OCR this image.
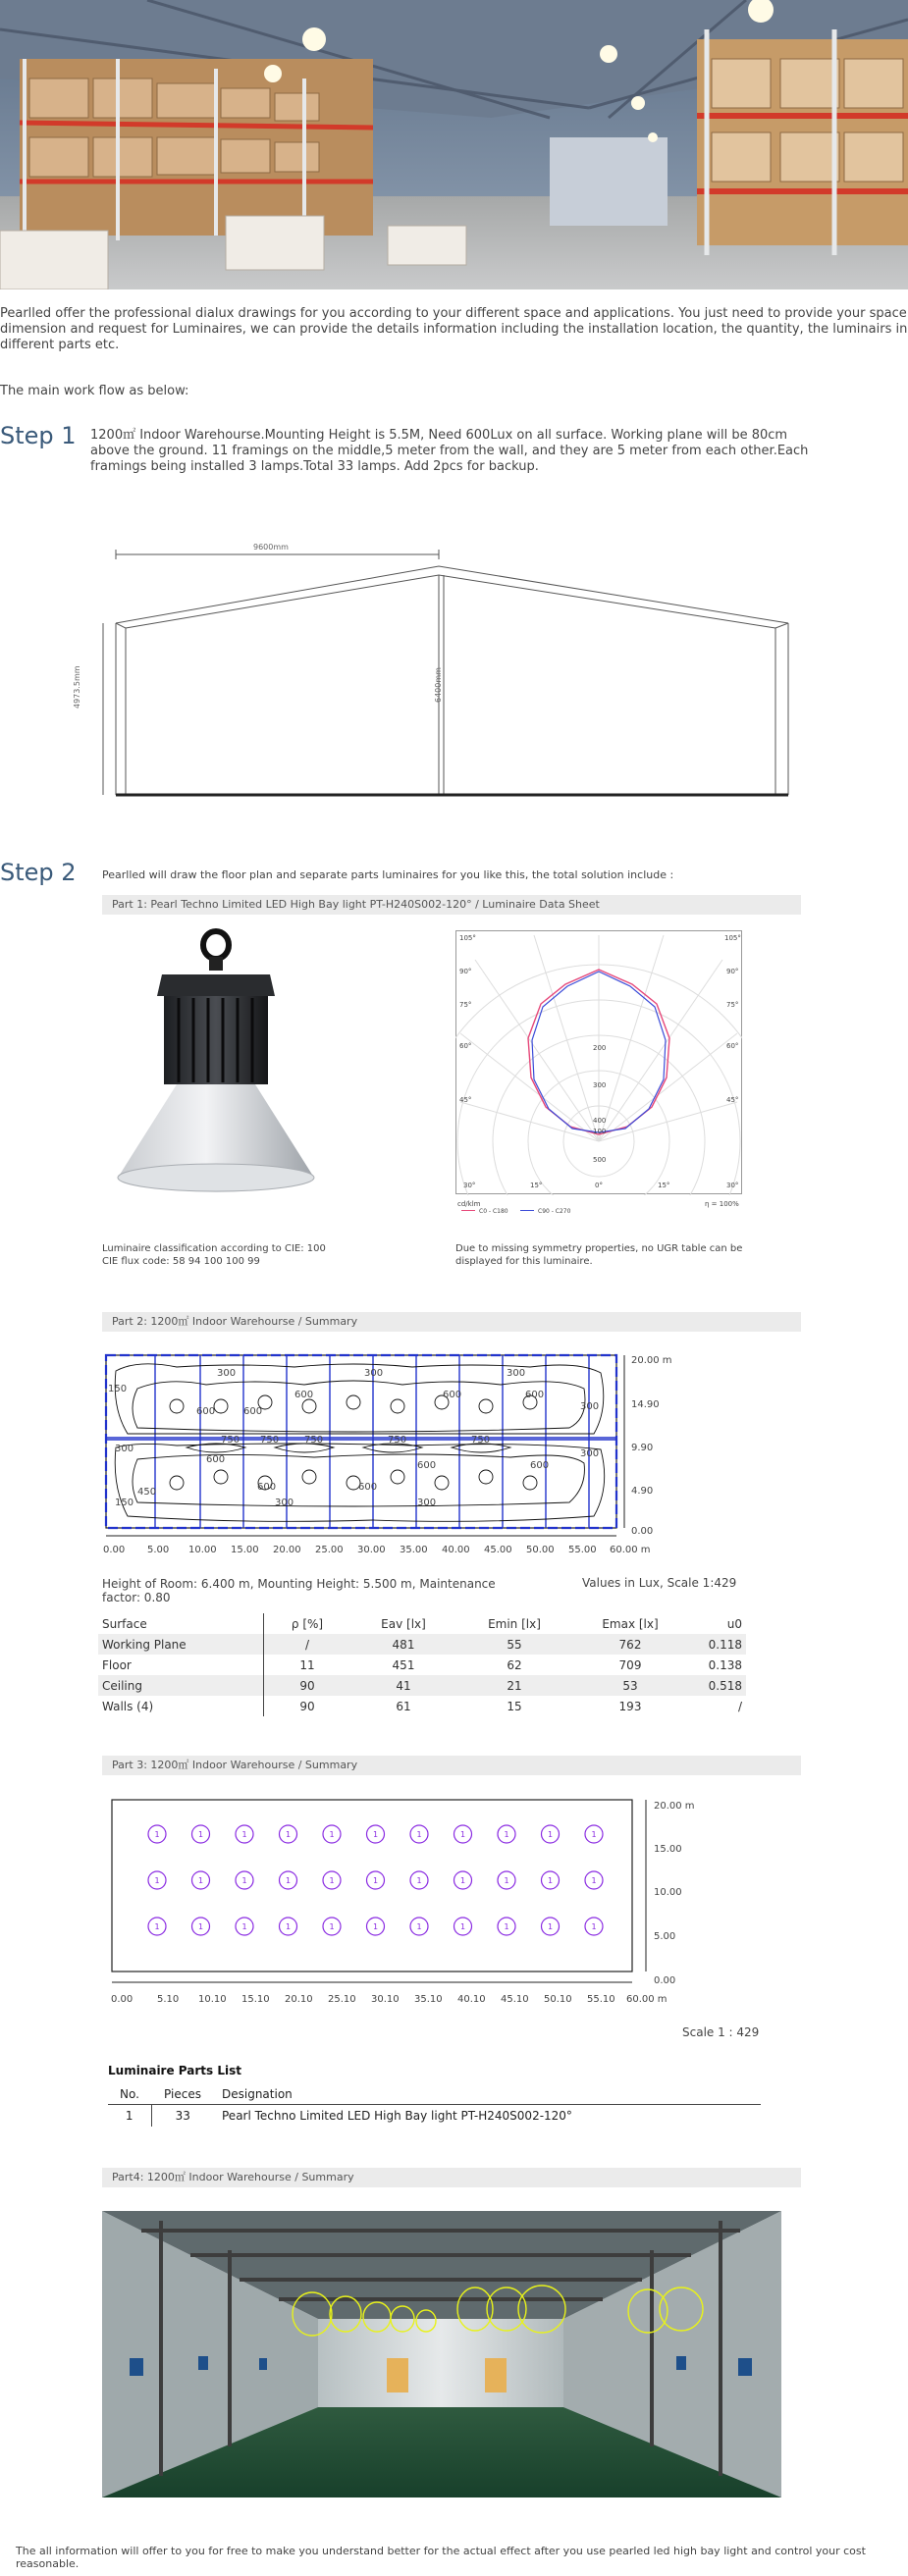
Pearlled offer the professional dialux drawings for you according to your different space and applications. You just need to provide your space dimension and request for Luminaires, we can provide the details information including the installation location, the quantity, the luminairs in different parts etc.
The main work flow as below:
Step 1 1200㎡ Indoor Warehourse.Mounting Height is 5.5M, Need 600Lux on all surface. Working plane will be 80cm above the ground. 11 framings on the middle,5 meter from the wall, and they are 5 meter from each other.Each framings being installed 3 lamps.Total 33 lamps. Add 2pcs for backup.
9600mm
4973.5mm	6400mm
Step 2 Pearlled will draw the floor plan and separate parts luminaires for you like this, the total solution include :
Part 1: Pearl Techno Limited LED High Bay light PT-H240S002-120° / Luminaire Data Sheet
105°
90°
75°
60°
45°
30°	15°	0°	15°	30°
105°
90°
75°
60°
45°
100
200
300
400
500
cd/klm	η = 100%
C0 - C180	C90 - C270
Luminaire classification according to CIE: 100
CIE flux code: 58 94 100 100 99
Due to missing symmetry properties, no UGR table can be displayed for this luminaire.
Part 2: 1200㎡ Indoor Warehourse / Summary
150
300	300	300
600	600
600	600	600
300
750 750	750	750	750
300	300
600
600	600
600	600
300	300
450
150
0.00 5.00 10.00 15.00 20.00 25.00 30.00 35.00 40.00 45.00 50.00 55.00 60.00 m
20.00 m
14.90
9.90
4.90
0.00
Height of Room: 6.400 m, Mounting Height: 5.500 m, Maintenance factor: 0.80
Values in Lux, Scale 1:429
Surface	ρ [%]	Eav [lx]	Emin [lx]	Emax [lx]	u0
Working Plane	/	481	55	762	0.118
Floor	11	451	62	709	0.138
Ceiling	90	41	21	53	0.518
Walls (4)	90	61	15	193	/
Part 3: 1200㎡ Indoor Warehourse / Summary
1	1	1	1	1	1	1	1	1	1	1
1	1	1	1	1	1	1	1	1	1	1
1	1	1	1	1	1	1	1	1	1	1
0.00 5.10 10.10 15.10 20.10 25.10 30.10 35.10 40.10 45.10 50.10 55.10 60.00 m
20.00 m
15.00
10.00
5.00
0.00
Scale 1 : 429
Luminaire Parts List
No.	Pieces	Designation
1	33	Pearl Techno Limited LED High Bay light PT-H240S002-120°
Part4: 1200㎡ Indoor Warehourse / Summary
The all information will offer to you for free to make you understand better for the actual effect after you use pearled led high bay light and control your cost reasonable.
